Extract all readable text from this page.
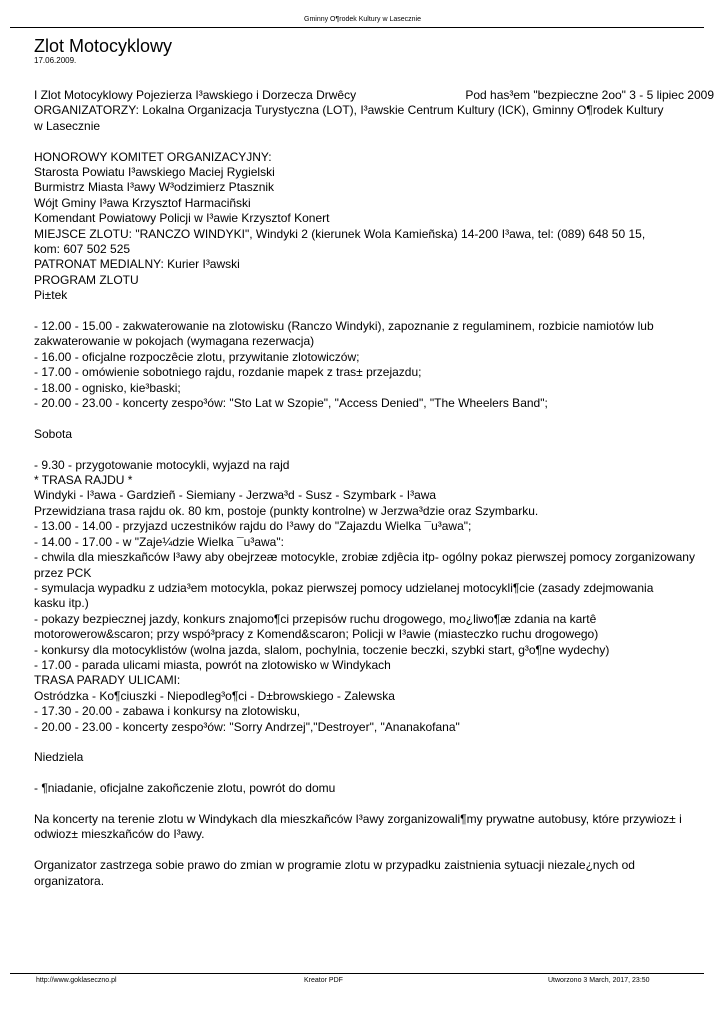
Gminny O¶rodek Kultury w Lasecznie
Zlot Motocyklowy
17.06.2009.
I Zlot Motocyklowy Pojezierza I³awskiego i Dorzecza Drwêcy	Pod has³em "bezpieczne 2oo" 3 - 5 lipiec 2009
ORGANIZATORZY: Lokalna Organizacja Turystyczna (LOT), I³awskie Centrum Kultury (ICK), Gminny O¶rodek Kultury
w Lasecznie
HONOROWY KOMITET ORGANIZACYJNY:
Starosta Powiatu I³awskiego Maciej Rygielski
Burmistrz Miasta I³awy W³odzimierz Ptasznik
Wójt Gminy I³awa Krzysztof Harmaciñski
Komendant Powiatowy Policji w I³awie Krzysztof Konert
MIEJSCE ZLOTU: "RANCZO WINDYKI", Windyki 2 (kierunek Wola Kamieñska) 14-200 I³awa, tel: (089) 648 50 15,
kom: 607 502 525
PATRONAT MEDIALNY: Kurier I³awski
PROGRAM ZLOTU
Pi±tek
- 12.00 - 15.00 - zakwaterowanie na zlotowisku (Ranczo Windyki), zapoznanie z regulaminem, rozbicie namiotów lub
zakwaterowanie w pokojach (wymagana rezerwacja)
- 16.00 - oficjalne rozpoczêcie zlotu, przywitanie zlotowiczów;
- 17.00 - omówienie sobotniego rajdu, rozdanie mapek z tras± przejazdu;
- 18.00 - ognisko, kie³baski;
- 20.00 - 23.00 - koncerty zespo³ów: "Sto Lat w Szopie", "Access Denied", "The Wheelers Band";
Sobota
- 9.30 - przygotowanie motocykli, wyjazd na rajd
* TRASA RAJDU *
Windyki - I³awa - Gardzieñ - Siemiany - Jerzwa³d - Susz - Szymbark - I³awa
Przewidziana trasa rajdu ok. 80 km, postoje (punkty kontrolne) w Jerzwa³dzie oraz Szymbarku.
- 13.00 - 14.00 - przyjazd uczestników rajdu do I³awy do "Zajazdu Wielka ¯u³awa";
- 14.00 - 17.00 - w "Zaje¼dzie Wielka ¯u³awa":
- chwila dla mieszkañców I³awy aby obejrzeæ motocykle, zrobiæ zdjêcia itp- ogólny pokaz pierwszej pomocy zorganizowany
przez PCK
- symulacja wypadku z udzia³em motocykla, pokaz pierwszej pomocy udzielanej motocykli¶cie (zasady zdejmowania
kasku itp.)
- pokazy bezpiecznej jazdy, konkurs znajomo¶ci przepisów ruchu drogowego, mo¿liwo¶æ zdania na kartê
motorowerow&scaron; przy wspó³pracy z Komend&scaron; Policji w I³awie (miasteczko ruchu drogowego)
- konkursy dla motocyklistów (wolna jazda, slalom, pochylnia, toczenie beczki, szybki start, g³o¶ne wydechy)
- 17.00 - parada ulicami miasta, powrót na zlotowisko w Windykach
TRASA PARADY ULICAMI:
Ostródzka - Ko¶ciuszki - Niepodleg³o¶ci - D±browskiego - Zalewska
- 17.30 - 20.00 - zabawa i konkursy na zlotowisku,
- 20.00 - 23.00 - koncerty zespo³ów: "Sorry Andrzej","Destroyer", "Ananakofana"
Niedziela
- ¶niadanie, oficjalne zakoñczenie zlotu, powrót do domu
Na koncerty na terenie zlotu w Windykach dla mieszkañców I³awy zorganizowali¶my prywatne autobusy, które przywioz± i
odwioz± mieszkañców do I³awy.
Organizator zastrzega sobie prawo do zmian w programie zlotu w przypadku zaistnienia sytuacji niezale¿nych od
organizatora.
http://www.goklaseczno.pl	Kreator PDF	Utworzono 3 March, 2017, 23:50
